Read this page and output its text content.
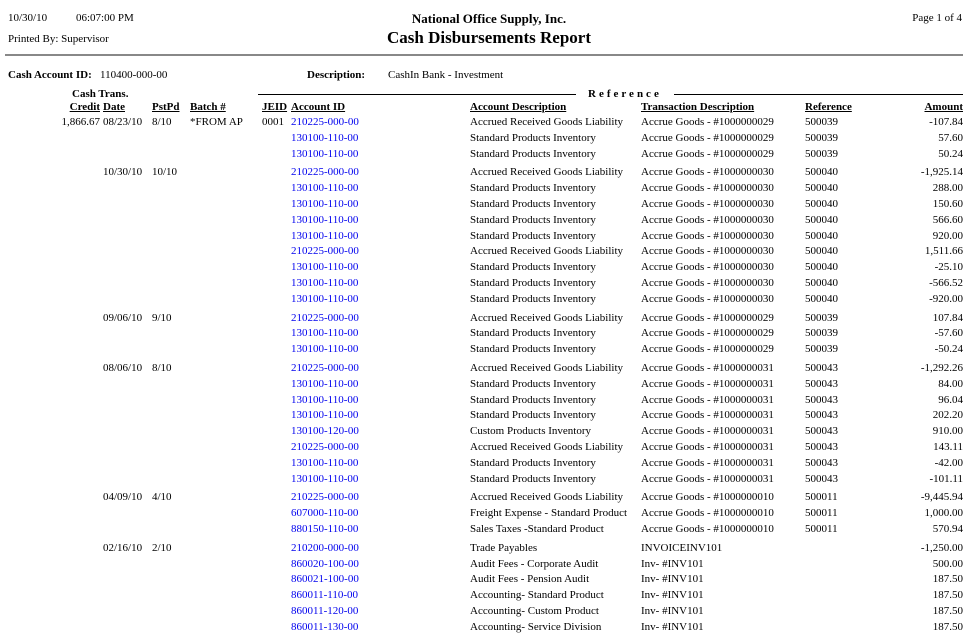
10/30/10	06:07:00 PM	National Office Supply, Inc.	Page 1 of 4
Printed By: Supervisor	Cash Disbursements Report
Cash Account ID: 110400-000-00	Description: CashIn Bank - Investment
Cash Trans.	Reference
Credit Date	PstPd Batch #	JEID Account ID	Account Description	Transaction Description	Reference	Amount
1,866.67 08/23/10 8/10	*FROM AP	0001 210225-000-00	Accrued Received Goods Liability	Accrue Goods - #1000000029	500039	-107.84
130100-110-00	Standard Products Inventory	Accrue Goods - #1000000029	500039	57.60
130100-110-00	Standard Products Inventory	Accrue Goods - #1000000029	500039	50.24
10/30/10 10/10	210225-000-00	Accrued Received Goods Liability	Accrue Goods - #1000000030	500040	-1,925.14
130100-110-00	Standard Products Inventory	Accrue Goods - #1000000030	500040	288.00
130100-110-00	Standard Products Inventory	Accrue Goods - #1000000030	500040	150.60
130100-110-00	Standard Products Inventory	Accrue Goods - #1000000030	500040	566.60
130100-110-00	Standard Products Inventory	Accrue Goods - #1000000030	500040	920.00
210225-000-00	Accrued Received Goods Liability	Accrue Goods - #1000000030	500040	1,511.66
130100-110-00	Standard Products Inventory	Accrue Goods - #1000000030	500040	-25.10
130100-110-00	Standard Products Inventory	Accrue Goods - #1000000030	500040	-566.52
130100-110-00	Standard Products Inventory	Accrue Goods - #1000000030	500040	-920.00
09/06/10 9/10	210225-000-00	Accrued Received Goods Liability	Accrue Goods - #1000000029	500039	107.84
130100-110-00	Standard Products Inventory	Accrue Goods - #1000000029	500039	-57.60
130100-110-00	Standard Products Inventory	Accrue Goods - #1000000029	500039	-50.24
08/06/10 8/10	210225-000-00	Accrued Received Goods Liability	Accrue Goods - #1000000031	500043	-1,292.26
130100-110-00	Standard Products Inventory	Accrue Goods - #1000000031	500043	84.00
130100-110-00	Standard Products Inventory	Accrue Goods - #1000000031	500043	96.04
130100-110-00	Standard Products Inventory	Accrue Goods - #1000000031	500043	202.20
130100-120-00	Custom Products Inventory	Accrue Goods - #1000000031	500043	910.00
210225-000-00	Accrued Received Goods Liability	Accrue Goods - #1000000031	500043	143.11
130100-110-00	Standard Products Inventory	Accrue Goods - #1000000031	500043	-42.00
130100-110-00	Standard Products Inventory	Accrue Goods - #1000000031	500043	-101.11
04/09/10 4/10	210225-000-00	Accrued Received Goods Liability	Accrue Goods - #1000000010	500011	-9,445.94
607000-110-00	Freight Expense - Standard Product	Accrue Goods - #1000000010	500011	1,000.00
880150-110-00	Sales Taxes -Standard Product	Accrue Goods - #1000000010	500011	570.94
02/16/10 2/10	210200-000-00	Trade Payables	INVOICEINV101	-1,250.00
860020-100-00	Audit Fees - Corporate Audit	Inv- #INV101	500.00
860021-100-00	Audit Fees - Pension Audit	Inv- #INV101	187.50
860011-110-00	Accounting- Standard Product	Inv- #INV101	187.50
860011-120-00	Accounting- Custom Product	Inv- #INV101	187.50
860011-130-00	Accounting- Service Division	Inv- #INV101	187.50
